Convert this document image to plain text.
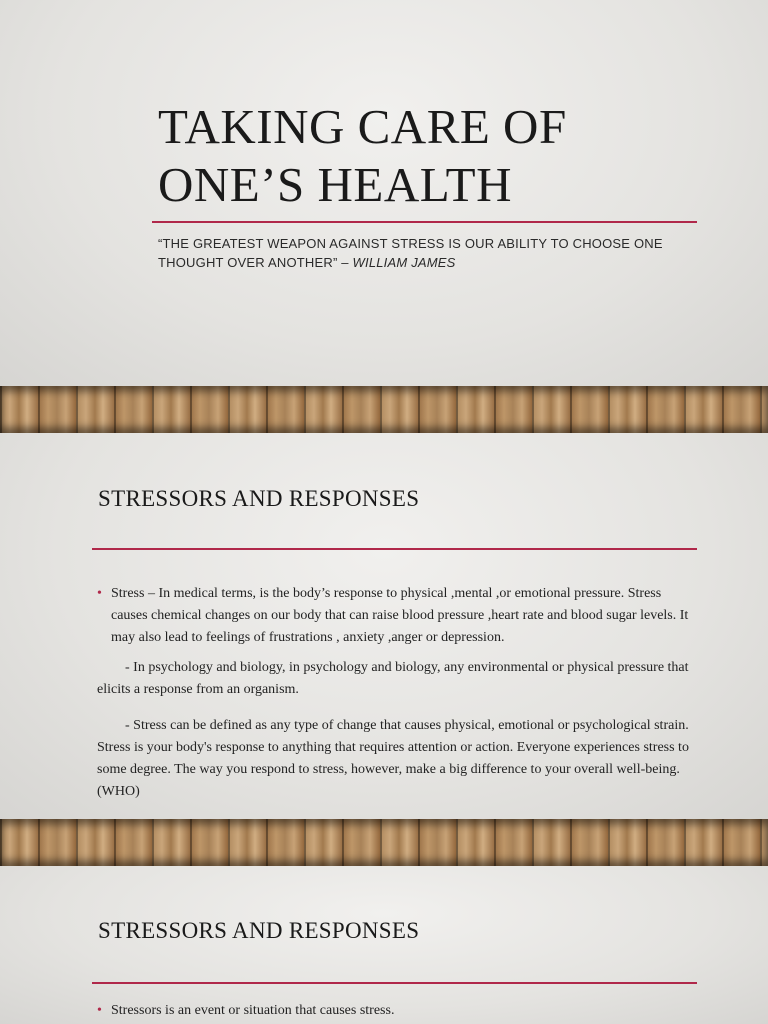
TAKING CARE OF ONE’S HEALTH

“THE GREATEST WEAPON AGAINST STRESS IS OUR ABILITY TO CHOOSE ONE THOUGHT OVER ANOTHER” – WILLIAM JAMES

STRESSORS AND RESPONSES

• Stress – In medical terms, is the body’s response to physical ,mental ,or emotional pressure. Stress causes chemical changes on our body that can raise blood pressure ,heart rate and blood sugar levels. It may also lead to feelings of frustrations , anxiety ,anger or depression.

- In psychology and biology, in psychology and biology, any environmental or physical pressure that elicits a response from an organism.

- Stress can be defined as any type of change that causes physical, emotional or psychological strain. Stress is your body's response to anything that requires attention or action. Everyone experiences stress to some degree. The way you respond to stress, however, make a big difference to your overall well-being. (WHO)

STRESSORS AND RESPONSES

• Stressors is an event or situation that causes stress.
